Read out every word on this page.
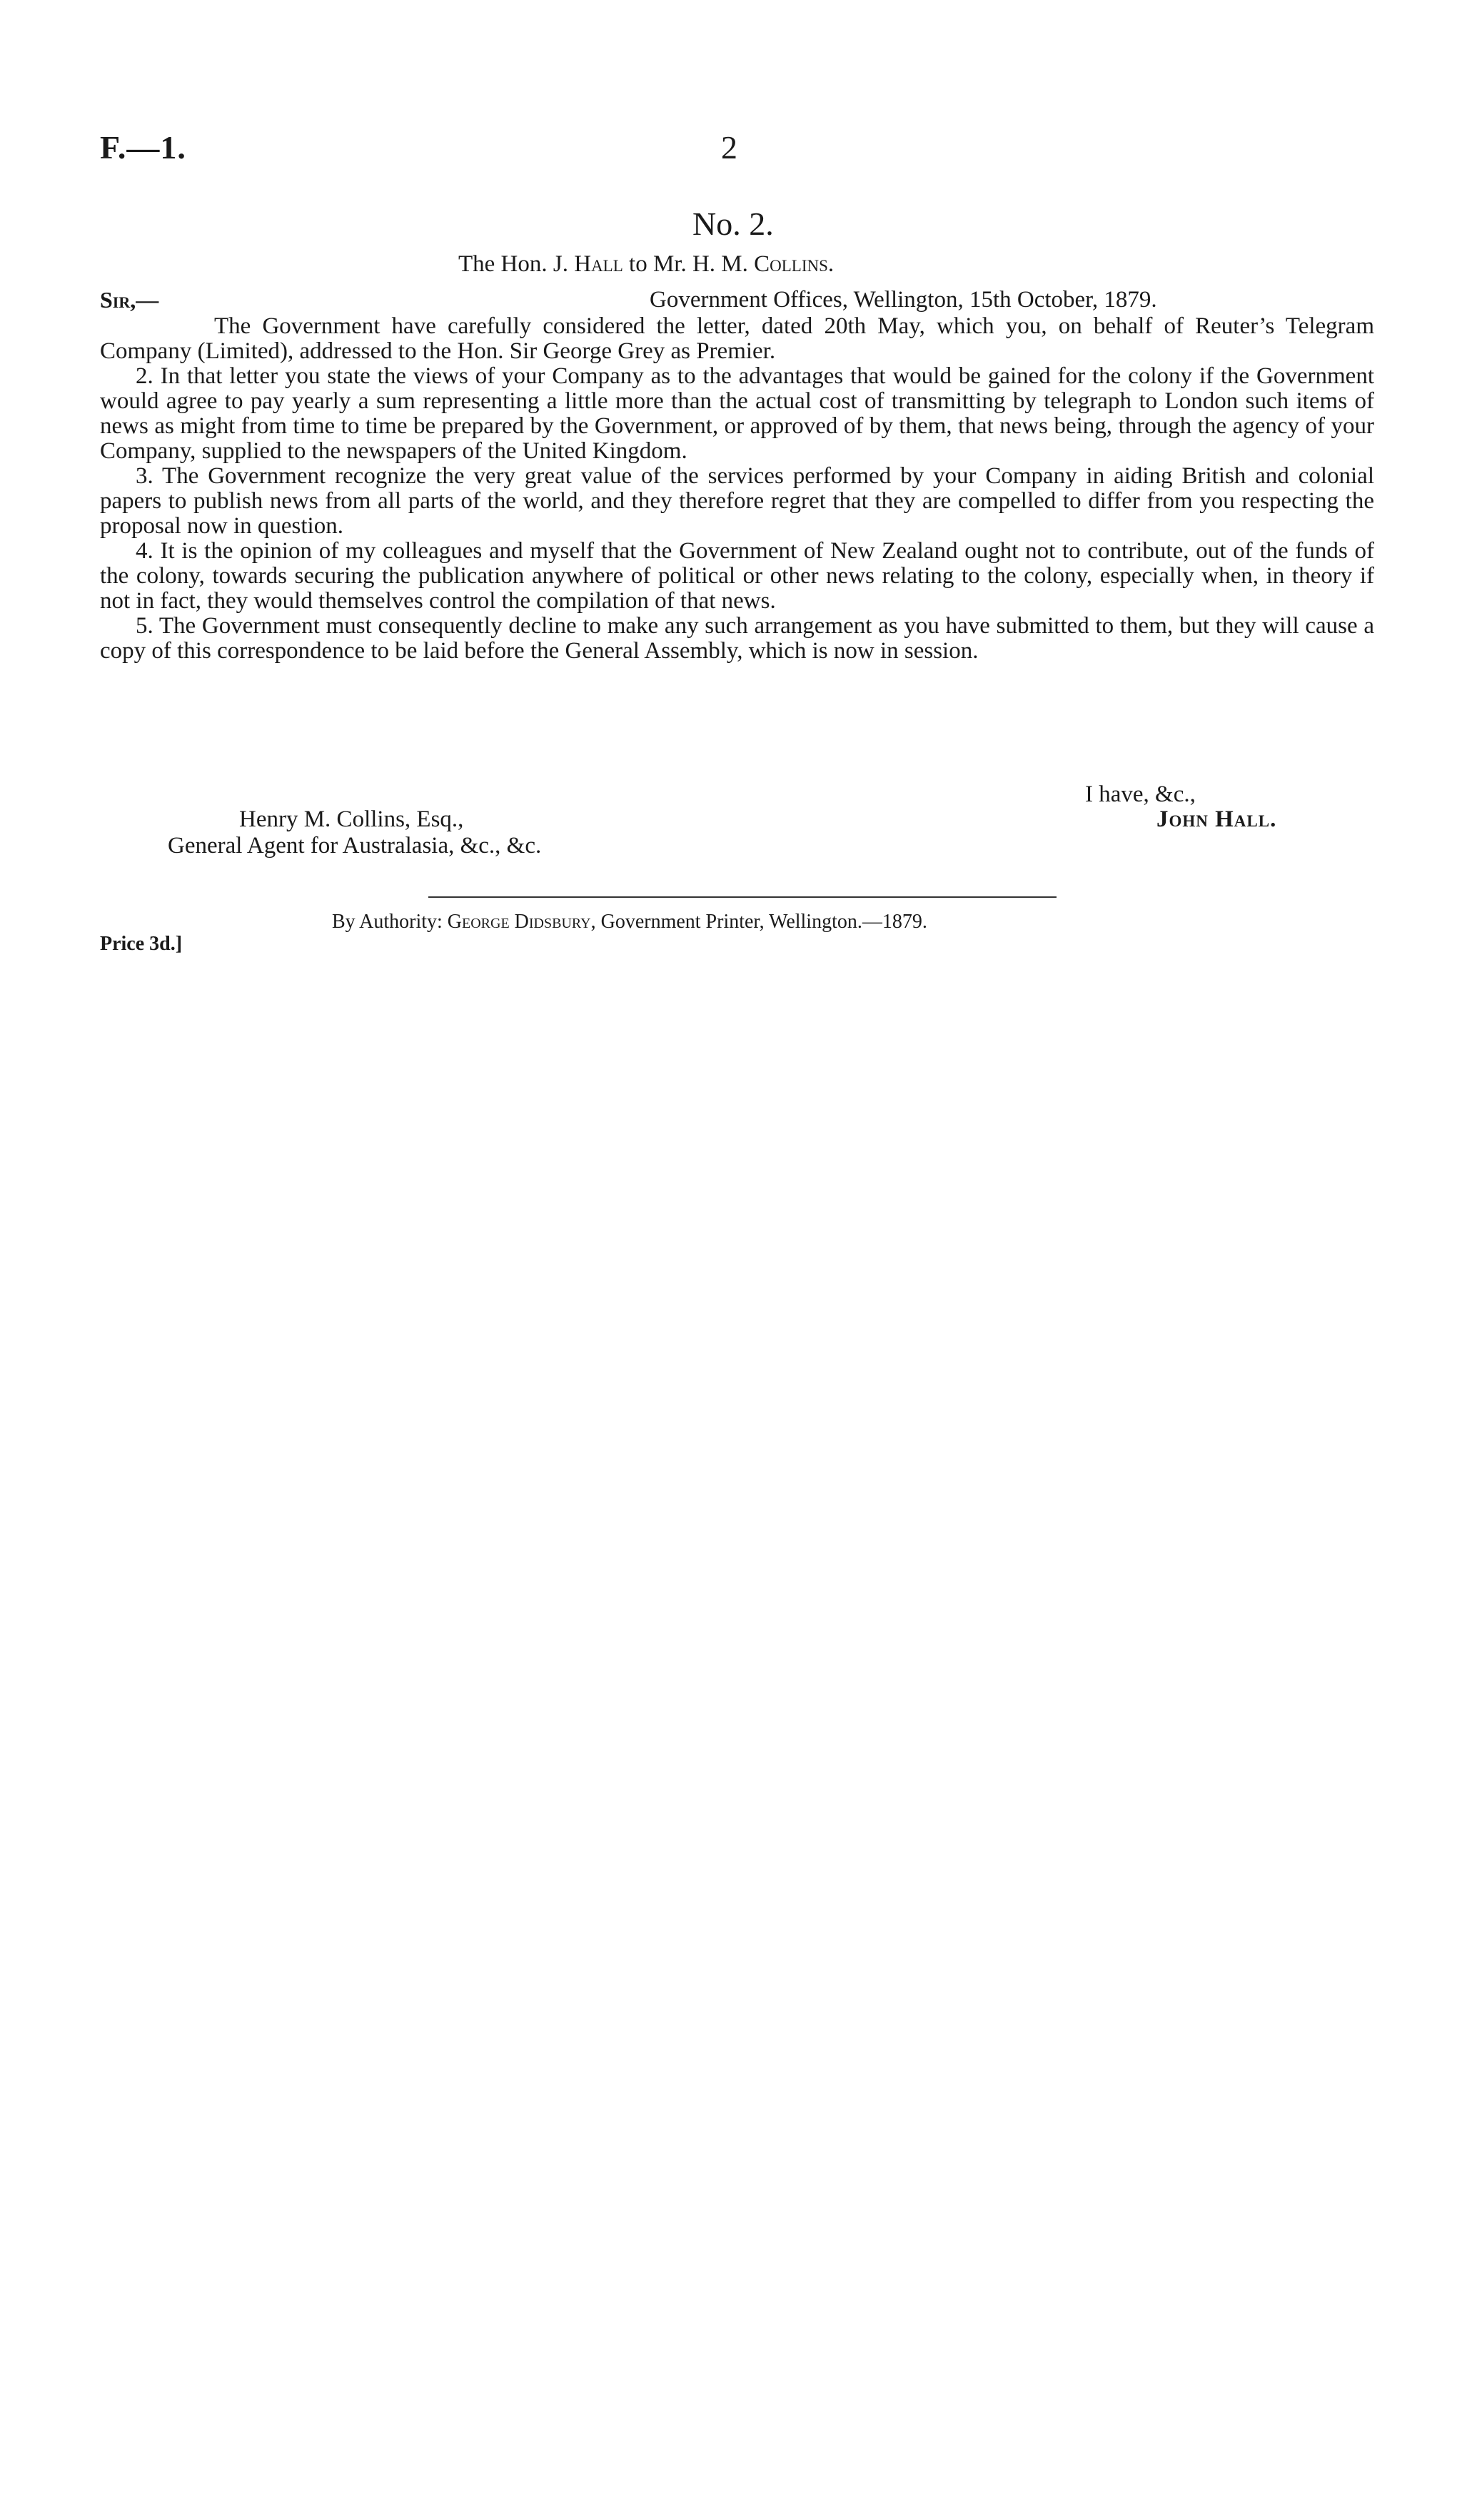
F.—1.	2
No. 2.
The Hon. J. Hall to Mr. H. M. Collins.
Sir,—	Government Offices, Wellington, 15th October, 1879.

The Government have carefully considered the letter, dated 20th May, which you, on behalf of Reuter’s Telegram Company (Limited), addressed to the Hon. Sir George Grey as Premier.

2. In that letter you state the views of your Company as to the advantages that would be gained for the colony if the Government would agree to pay yearly a sum representing a little more than the actual cost of transmitting by telegraph to London such items of news as might from time to time be prepared by the Government, or approved of by them, that news being, through the agency of your Company, supplied to the newspapers of the United Kingdom.

3. The Government recognize the very great value of the services performed by your Company in aiding British and colonial papers to publish news from all parts of the world, and they therefore regret that they are compelled to differ from you respecting the proposal now in question.

4. It is the opinion of my colleagues and myself that the Government of New Zealand ought not to contribute, out of the funds of the colony, towards securing the publication anywhere of political or other news relating to the colony, especially when, in theory if not in fact, they would themselves control the compilation of that news.

5. The Government must consequently decline to make any such arrangement as you have submitted to them, but they will cause a copy of this correspondence to be laid before the General Assembly, which is now in session.

I have, &c.,
Henry M. Collins, Esq.,	John Hall.
General Agent for Australasia, &c., &c.
By Authority: George Didsbury, Government Printer, Wellington.—1879.
Price 3d.]
